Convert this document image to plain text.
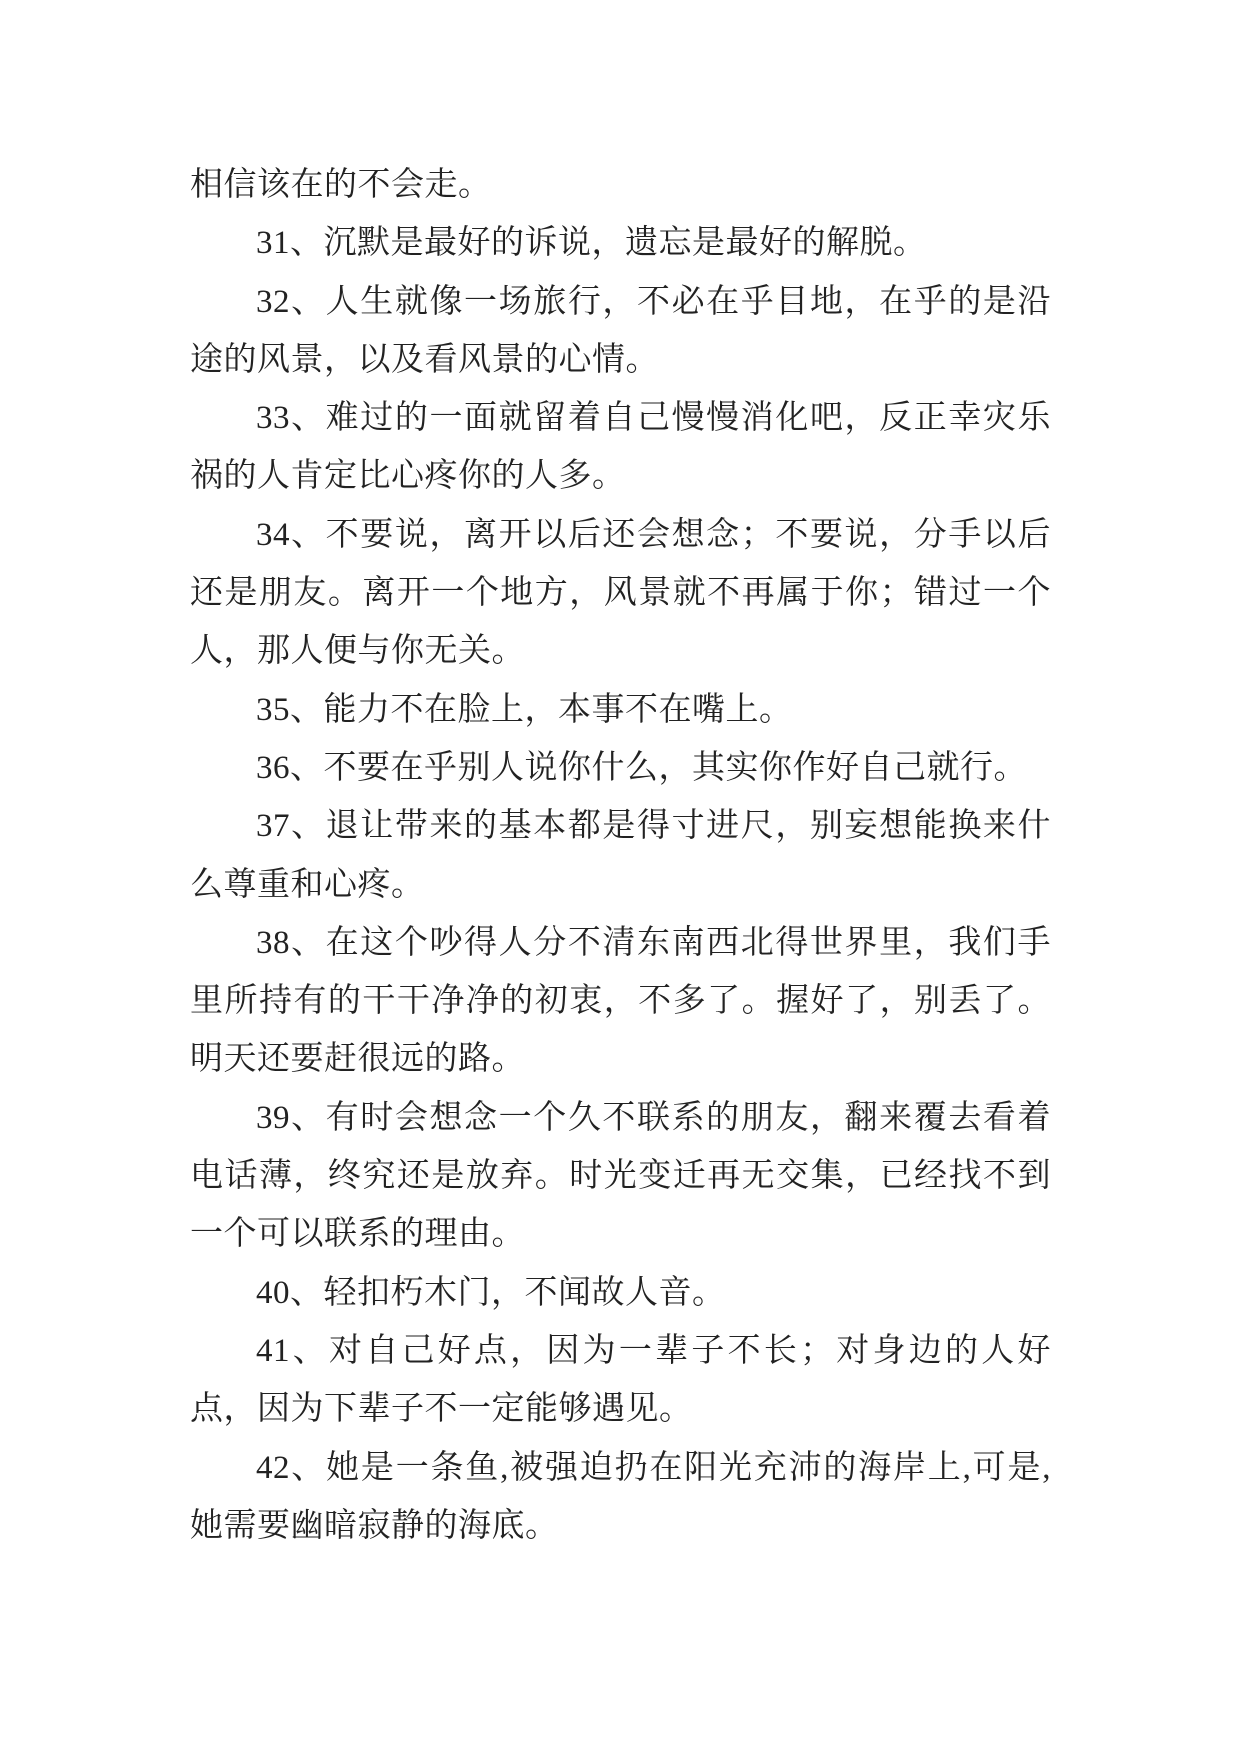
相信该在的不会走。

31、沉默是最好的诉说，遗忘是最好的解脱。

32、人生就像一场旅行，不必在乎目地，在乎的是沿途的风景，以及看风景的心情。

33、难过的一面就留着自己慢慢消化吧，反正幸灾乐祸的人肯定比心疼你的人多。

34、不要说，离开以后还会想念；不要说，分手以后还是朋友。离开一个地方，风景就不再属于你；错过一个人，那人便与你无关。

35、能力不在脸上，本事不在嘴上。

36、不要在乎别人说你什么，其实你作好自己就行。

37、退让带来的基本都是得寸进尺，别妄想能换来什么尊重和心疼。

38、在这个吵得人分不清东南西北得世界里，我们手里所持有的干干净净的初衷，不多了。握好了，别丢了。明天还要赶很远的路。

39、有时会想念一个久不联系的朋友，翻来覆去看着电话薄，终究还是放弃。时光变迁再无交集，已经找不到一个可以联系的理由。

40、轻扣朽木门，不闻故人音。

41、对自己好点，因为一辈子不长；对身边的人好点，因为下辈子不一定能够遇见。

42、她是一条鱼,被强迫扔在阳光充沛的海岸上,可是,她需要幽暗寂静的海底。
